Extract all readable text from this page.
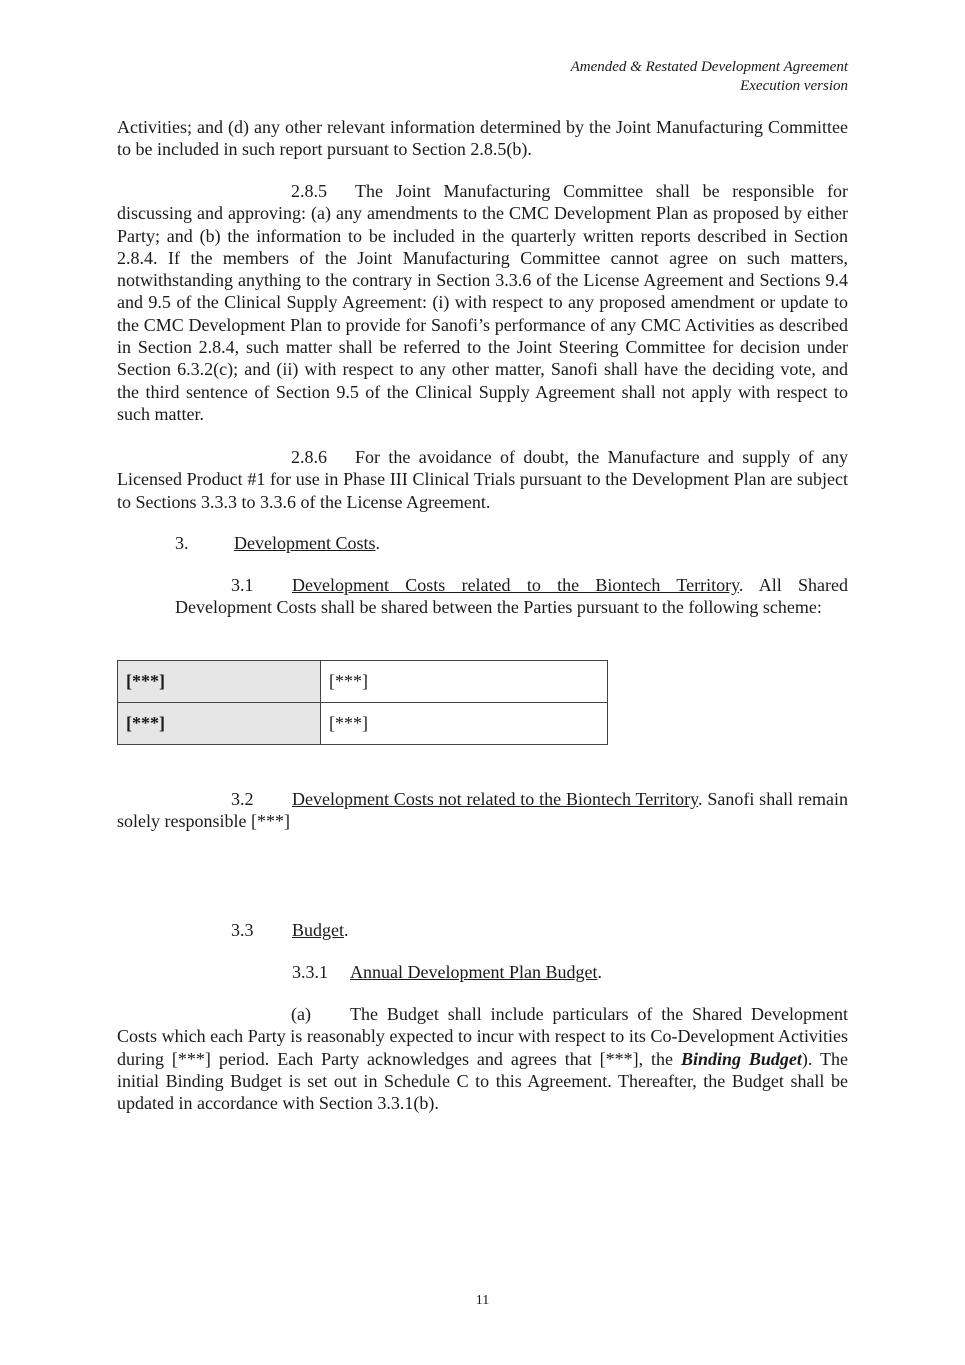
Amended & Restated Development Agreement
Execution version

Activities; and (d) any other relevant information determined by the Joint Manufacturing Committee to be included in such report pursuant to Section 2.8.5(b).

2.8.5 The Joint Manufacturing Committee shall be responsible for discussing and approving: (a) any amendments to the CMC Development Plan as proposed by either Party; and (b) the information to be included in the quarterly written reports described in Section 2.8.4. If the members of the Joint Manufacturing Committee cannot agree on such matters, notwithstanding anything to the contrary in Section 3.3.6 of the License Agreement and Sections 9.4 and 9.5 of the Clinical Supply Agreement: (i) with respect to any proposed amendment or update to the CMC Development Plan to provide for Sanofi’s performance of any CMC Activities as described in Section 2.8.4, such matter shall be referred to the Joint Steering Committee for decision under Section 6.3.2(c); and (ii) with respect to any other matter, Sanofi shall have the deciding vote, and the third sentence of Section 9.5 of the Clinical Supply Agreement shall not apply with respect to such matter.

2.8.6 For the avoidance of doubt, the Manufacture and supply of any Licensed Product #1 for use in Phase III Clinical Trials pursuant to the Development Plan are subject to Sections 3.3.3 to 3.3.6 of the License Agreement.

3.	Development Costs.

3.1 Development Costs related to the Biontech Territory. All Shared Development Costs shall be shared between the Parties pursuant to the following scheme:

[***]	[***]
[***]	[***]

3.2 Development Costs not related to the Biontech Territory. Sanofi shall remain solely responsible [***]

3.3 Budget.
3.3.1 Annual Development Plan Budget.

(a) The Budget shall include particulars of the Shared Development Costs which each Party is reasonably expected to incur with respect to its Co-Development Activities during [***] period. Each Party acknowledges and agrees that [***], the Binding Budget). The initial Binding Budget is set out in Schedule C to this Agreement. Thereafter, the Budget shall be updated in accordance with Section 3.3.1(b).

11
